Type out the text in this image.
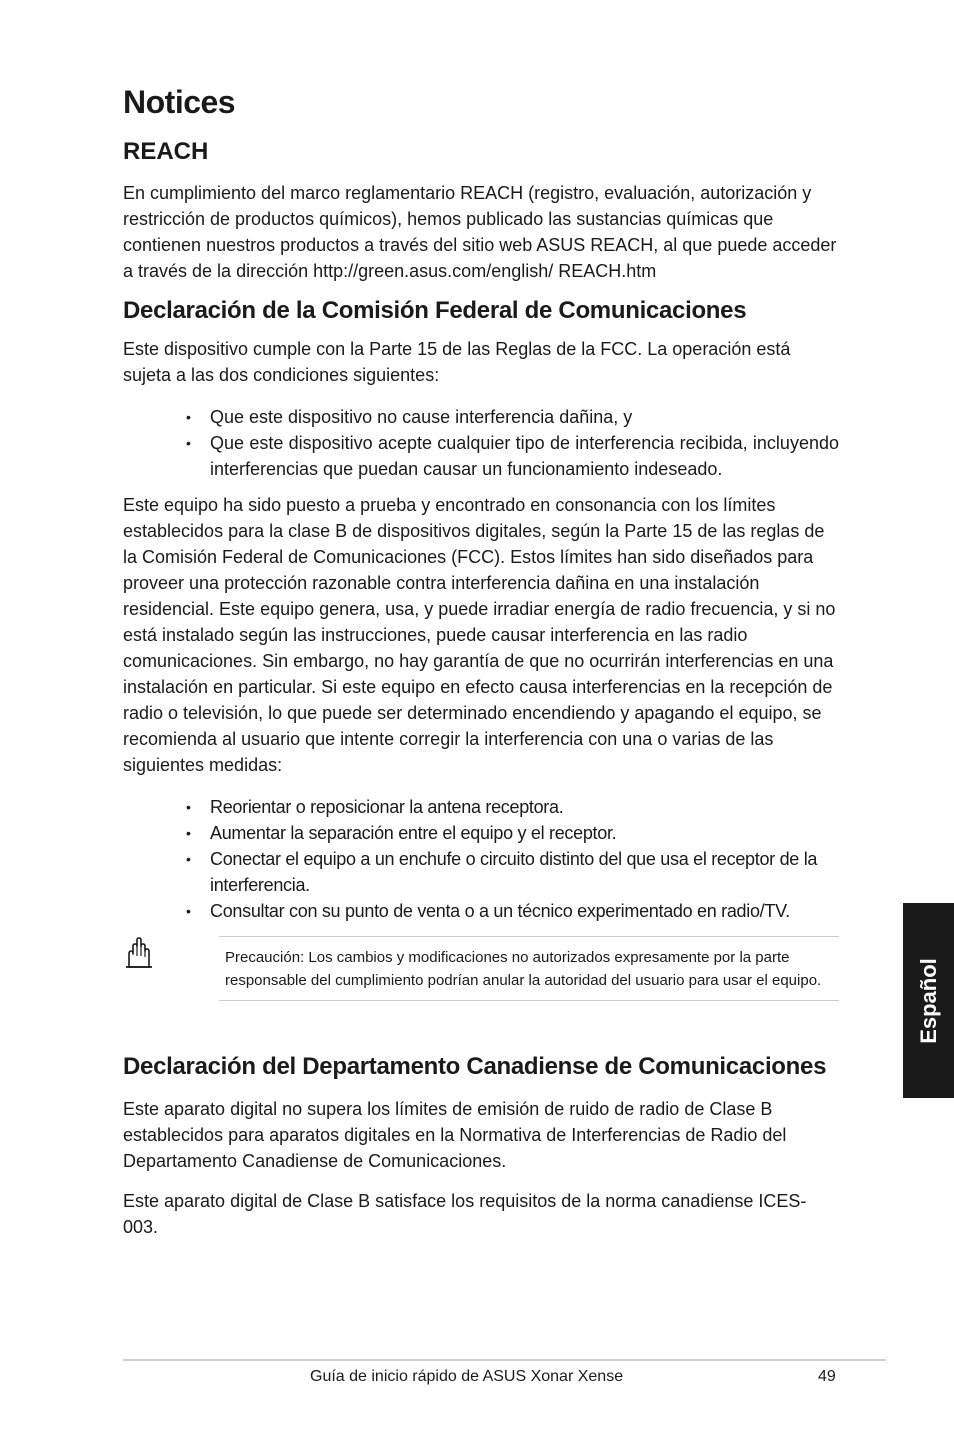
Notices
REACH

En cumplimiento del marco reglamentario REACH (registro, evaluación, autorización y restricción de productos químicos), hemos publicado las sustancias químicas que contienen nuestros productos a través del sitio web ASUS REACH, al que puede acceder a través de la dirección http://green.asus.com/english/ REACH.htm

Declaración de la Comisión Federal de Comunicaciones

Este dispositivo cumple con la Parte 15 de las Reglas de la FCC. La operación está sujeta a las dos condiciones siguientes:

• Que este dispositivo no cause interferencia dañina, y
• Que este dispositivo acepte cualquier tipo de interferencia recibida, incluyendo interferencias que puedan causar un funcionamiento indeseado.

Este equipo ha sido puesto a prueba y encontrado en consonancia con los límites establecidos para la clase B de dispositivos digitales, según la Parte 15 de las reglas de la Comisión Federal de Comunicaciones (FCC). Estos límites han sido diseñados para proveer una protección razonable contra interferencia dañina en una instalación residencial. Este equipo genera, usa, y puede irradiar energía de radio frecuencia, y si no está instalado según las instrucciones, puede causar interferencia en las radio comunicaciones. Sin embargo, no hay garantía de que no ocurrirán interferencias en una instalación en particular. Si este equipo en efecto causa interferencias en la recepción de radio o televisión, lo que puede ser determinado encendiendo y apagando el equipo, se recomienda al usuario que intente corregir la interferencia con una o varias de las siguientes medidas:

• Reorientar o reposicionar la antena receptora.
• Aumentar la separación entre el equipo y el receptor.
• Conectar el equipo a un enchufe o circuito distinto del que usa el receptor de la interferencia.
• Consultar con su punto de venta o a un técnico experimentado en radio/TV.
Precaución: Los cambios y modificaciones no autorizados expresamente por la parte responsable del cumplimiento podrían anular la autoridad del usuario para usar el equipo.
Declaración del Departamento Canadiense de Comunicaciones

Este aparato digital no supera los límites de emisión de ruido de radio de Clase B establecidos para aparatos digitales en la Normativa de Interferencias de Radio del Departamento Canadiense de Comunicaciones.

Este aparato digital de Clase B satisface los requisitos de la norma canadiense ICES-003.

Español
Guía de inicio rápido de ASUS Xonar Xense	49
